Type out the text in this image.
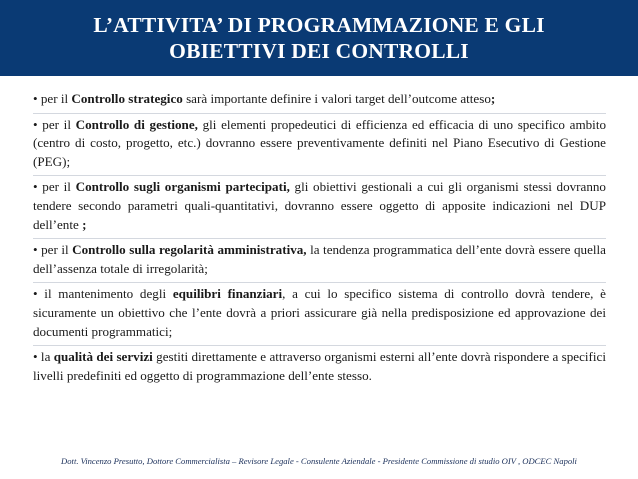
L’ATTIVITA’ DI PROGRAMMAZIONE E GLI
OBIETTIVI DEI CONTROLLI
• per il Controllo strategico sarà importante definire i valori target dell’outcome atteso;
• per il Controllo di gestione, gli elementi propedeutici di efficienza ed efficacia di uno specifico ambito (centro di costo, progetto, etc.) dovranno essere preventivamente definiti nel Piano Esecutivo di Gestione (PEG);
• per il Controllo sugli organismi partecipati, gli obiettivi gestionali a cui gli organismi stessi dovranno tendere secondo parametri quali-quantitativi, dovranno essere oggetto di apposite indicazioni nel DUP dell’ente ;
• per il Controllo sulla regolarità amministrativa, la tendenza programmatica dell’ente dovrà essere quella dell’assenza totale di irregolarità;
• il mantenimento degli equilibri finanziari, a cui lo specifico sistema di controllo dovrà tendere, è sicuramente un obiettivo che l’ente dovrà a priori assicurare già nella predisposizione ed approvazione dei documenti programmatici;
• la qualità dei servizi gestiti direttamente e attraverso organismi esterni all’ente dovrà rispondere a specifici livelli predefiniti ed oggetto di programmazione dell’ente stesso.
Dott. Vincenzo Presutto, Dottore Commercialista – Revisore Legale - Consulente Aziendale - Presidente Commissione di studio OIV , ODCEC Napoli
